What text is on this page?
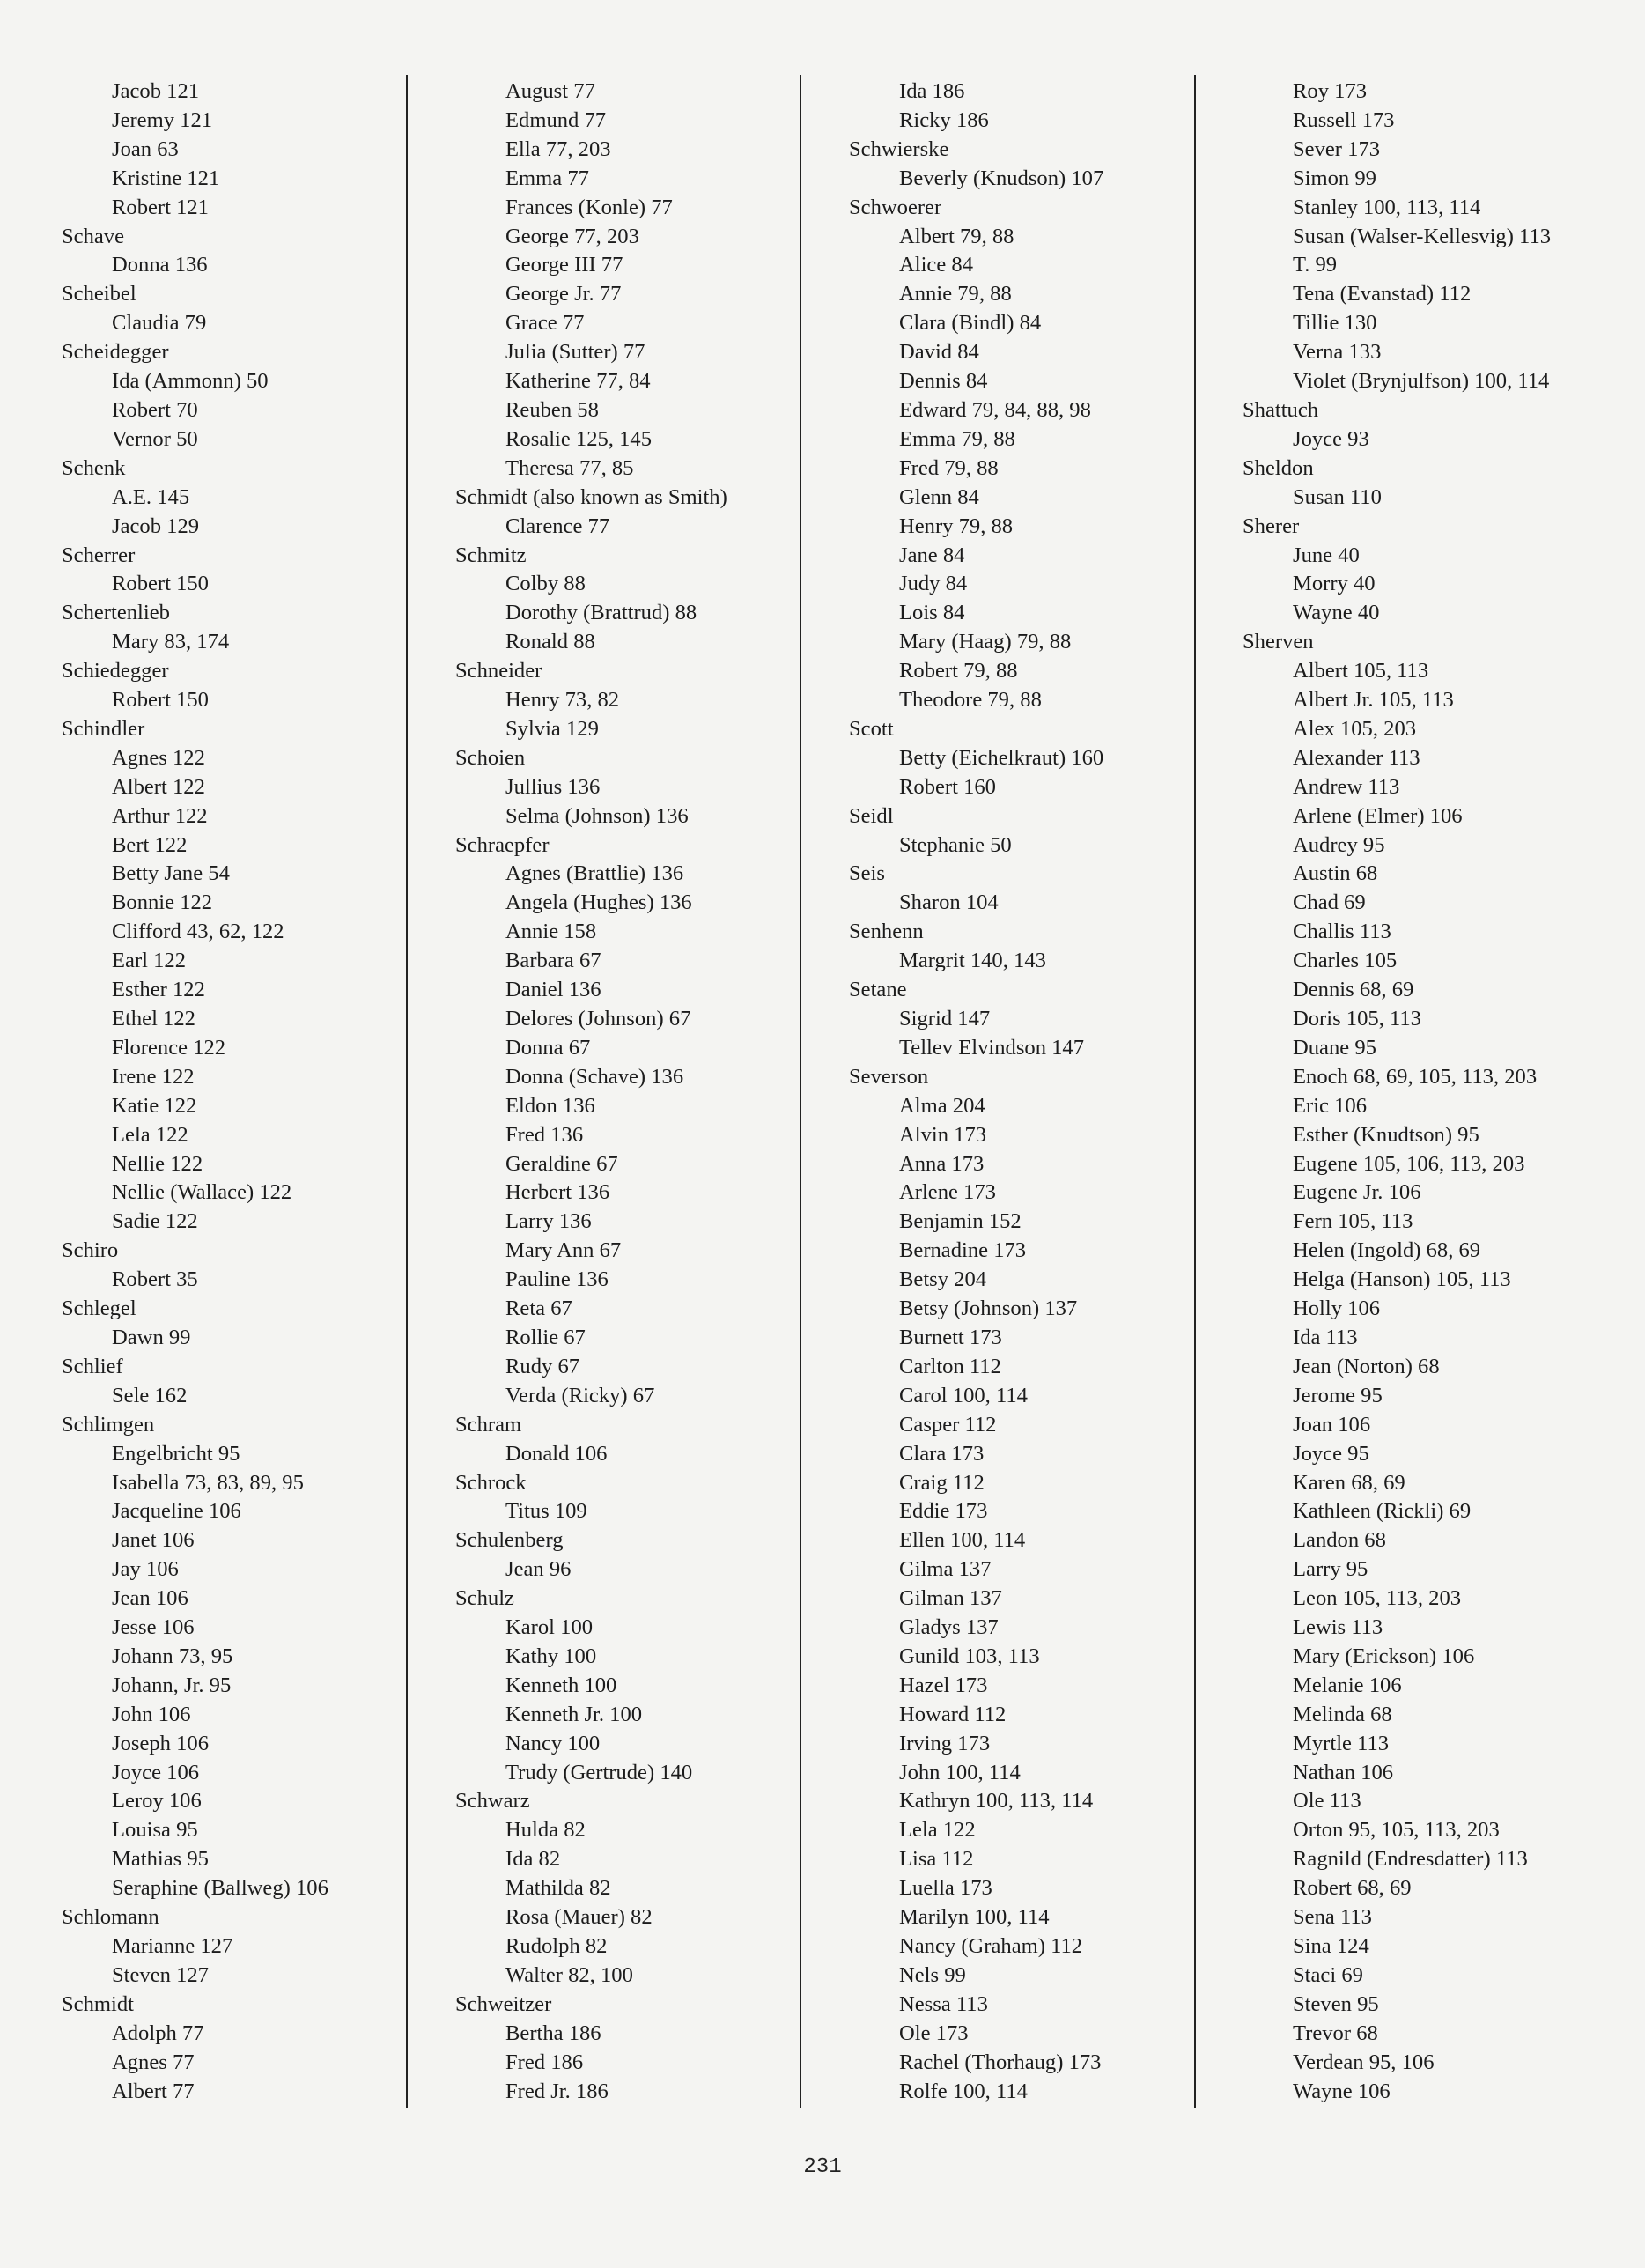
Jacob 121
Jeremy 121
Joan 63
Kristine 121
Robert 121
Schave
Donna 136
Scheibel
Claudia 79
Scheidegger
Ida (Ammonn) 50
Robert 70
Vernor 50
Schenk
A.E. 145
Jacob 129
Scherrer
Robert 150
Schertenlieb
Mary 83, 174
Schiedegger
Robert 150
Schindler
Agnes 122
Albert 122
Arthur 122
Bert 122
Betty Jane 54
Bonnie 122
Clifford 43, 62, 122
Earl 122
Esther 122
Ethel 122
Florence 122
Irene 122
Katie 122
Lela 122
Nellie 122
Nellie (Wallace) 122
Sadie 122
Schiro
Robert 35
Schlegel
Dawn 99
Schlief
Sele 162
Schlimgen
Engelbricht 95
Isabella 73, 83, 89, 95
Jacqueline 106
Janet 106
Jay 106
Jean 106
Jesse 106
Johann 73, 95
Johann, Jr. 95
John 106
Joseph 106
Joyce 106
Leroy 106
Louisa 95
Mathias 95
Seraphine (Ballweg) 106
Schlomann
Marianne 127
Steven 127
Schmidt
Adolph 77
Agnes 77
Albert 77
August 77
Edmund 77
Ella 77, 203
Emma 77
Frances (Konle) 77
George 77, 203
George III 77
George Jr. 77
Grace 77
Julia (Sutter) 77
Katherine 77, 84
Reuben 58
Rosalie 125, 145
Theresa 77, 85
Schmidt (also known as Smith)
Clarence 77
Schmitz
Colby 88
Dorothy (Brattrud) 88
Ronald 88
Schneider
Henry 73, 82
Sylvia 129
Schoien
Jullius 136
Selma (Johnson) 136
Schraepfer
Agnes (Brattlie) 136
Angela (Hughes) 136
Annie 158
Barbara 67
Daniel 136
Delores (Johnson) 67
Donna 67
Donna (Schave) 136
Eldon 136
Fred 136
Geraldine 67
Herbert 136
Larry 136
Mary Ann 67
Pauline 136
Reta 67
Rollie 67
Rudy 67
Verda (Ricky) 67
Schram
Donald 106
Schrock
Titus 109
Schulenberg
Jean 96
Schulz
Karol 100
Kathy 100
Kenneth 100
Kenneth Jr. 100
Nancy 100
Trudy (Gertrude) 140
Schwarz
Hulda 82
Ida 82
Mathilda 82
Rosa (Mauer) 82
Rudolph 82
Walter 82, 100
Schweitzer
Bertha 186
Fred 186
Fred Jr. 186
Ida 186
Ricky 186
Schwierske
Beverly (Knudson) 107
Schwoerer
Albert 79, 88
Alice 84
Annie 79, 88
Clara (Bindl) 84
David 84
Dennis 84
Edward 79, 84, 88, 98
Emma 79, 88
Fred 79, 88
Glenn 84
Henry 79, 88
Jane 84
Judy 84
Lois 84
Mary (Haag) 79, 88
Robert 79, 88
Theodore 79, 88
Scott
Betty (Eichelkraut) 160
Robert 160
Seidl
Stephanie 50
Seis
Sharon 104
Senhenn
Margrit 140, 143
Setane
Sigrid 147
Tellev Elvindson 147
Severson
Alma 204
Alvin 173
Anna 173
Arlene 173
Benjamin 152
Bernadine 173
Betsy 204
Betsy (Johnson) 137
Burnett 173
Carlton 112
Carol 100, 114
Casper 112
Clara 173
Craig 112
Eddie 173
Ellen 100, 114
Gilma 137
Gilman 137
Gladys 137
Gunild 103, 113
Hazel 173
Howard 112
Irving 173
John 100, 114
Kathryn 100, 113, 114
Lela 122
Lisa 112
Luella 173
Marilyn 100, 114
Nancy (Graham) 112
Nels 99
Nessa 113
Ole 173
Rachel (Thorhaug) 173
Rolfe 100, 114
Roy 173
Russell 173
Sever 173
Simon 99
Stanley 100, 113, 114
Susan (Walser-Kellesvig) 113
T. 99
Tena (Evanstad) 112
Tillie 130
Verna 133
Violet (Brynjulfson) 100, 114
Shattuch
Joyce 93
Sheldon
Susan 110
Sherer
June 40
Morry 40
Wayne 40
Sherven
Albert 105, 113
Albert Jr. 105, 113
Alex 105, 203
Alexander 113
Andrew 113
Arlene (Elmer) 106
Audrey 95
Austin 68
Chad 69
Challis 113
Charles 105
Dennis 68, 69
Doris 105, 113
Duane 95
Enoch 68, 69, 105, 113, 203
Eric 106
Esther (Knudtson) 95
Eugene 105, 106, 113, 203
Eugene Jr. 106
Fern 105, 113
Helen (Ingold) 68, 69
Helga (Hanson) 105, 113
Holly 106
Ida 113
Jean (Norton) 68
Jerome 95
Joan 106
Joyce 95
Karen 68, 69
Kathleen (Rickli) 69
Landon 68
Larry 95
Leon 105, 113, 203
Lewis 113
Mary (Erickson) 106
Melanie 106
Melinda 68
Myrtle 113
Nathan 106
Ole 113
Orton 95, 105, 113, 203
Ragnild (Endresdatter) 113
Robert 68, 69
Sena 113
Sina 124
Staci 69
Steven 95
Trevor 68
Verdean 95, 106
Wayne 106
231
